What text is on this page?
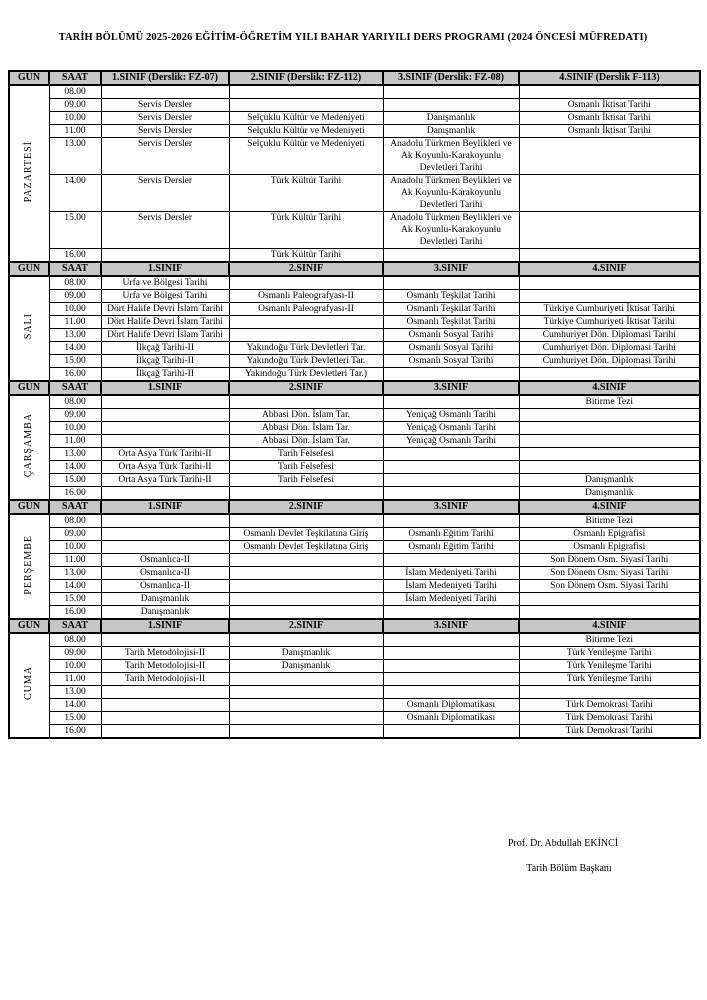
TARİH BÖLÜMÜ 2025-2026 EĞİTİM-ÖĞRETİM YILI BAHAR YARIYILI DERS PROGRAMI (2024 ÖNCESİ MÜFREDATI)
GÜN	SAAT	1.SINIF (Derslik: FZ-07)	2.SINIF (Derslik: FZ-112)	3.SINIF (Derslik: FZ-08)	4.SINIF (Derslik F-113)
PAZARTESİ	08.00				
	09.00	Servis Dersler			Osmanlı İktisat Tarihi
	10.00	Servis Dersler	Selçuklu Kültür ve Medeniyeti	Danışmanlık	Osmanlı İktisat Tarihi
	11.00	Servis Dersler	Selçuklu Kültür ve Medeniyeti	Danışmanlık	Osmanlı İktisat Tarihi
	13.00	Servis Dersler	Selçuklu Kültür ve Medeniyeti	Anadolu Türkmen Beylikleri ve Ak Koyunlu-Karakoyunlu Devletleri Tarihi	
	14.00	Servis Dersler	Türk Kültür Tarihi	Anadolu Türkmen Beylikleri ve Ak Koyunlu-Karakoyunlu Devletleri Tarihi	
	15.00	Servis Dersler	Türk Kültür Tarihi	Anadolu Türkmen Beylikleri ve Ak Koyunlu-Karakoyunlu Devletleri Tarihi	
	16.00		Türk Kültür Tarihi		
GÜN	SAAT	1.SINIF	2.SINIF	3.SINIF	4.SINIF
SALI	08.00	Urfa ve Bölgesi Tarihi			
	09.00	Urfa ve Bölgesi Tarihi	Osmanlı Paleografyası-II	Osmanlı Teşkilat Tarihi	
	10.00	Dört Halife Devri İslam Tarihi	Osmanlı Paleografyası-II	Osmanlı Teşkilat Tarihi	Türkiye Cumhuriyeti İktisat Tarihi
	11.00	Dört Halife Devri İslam Tarihi		Osmanlı Teşkilat Tarihi	Türkiye Cumhuriyeti İktisat Tarihi
	13.00	Dört Halife Devri İslam Tarihi		Osmanlı Sosyal Tarihi	Cumhuriyet Dön. Diplomasi Tarihi
	14.00	İlkçağ Tarihi-II	Yakındoğu Türk Devletleri Tar.	Osmanlı Sosyal Tarihi	Cumhuriyet Dön. Diplomasi Tarihi
	15.00	İlkçağ Tarihi-II	Yakındoğu Türk Devletleri Tar.	Osmanlı Sosyal Tarihi	Cumhuriyet Dön. Diplomasi Tarihi
	16.00	İlkçağ Tarihi-II	Yakındoğu Türk Devletleri Tar.)		
GÜN	SAAT	1.SINIF	2.SINIF	3.SINIF	4.SINIF
ÇARŞAMBA	08.00				Bitirme Tezi
	09.00		Abbasi Dön. İslam Tar.	Yeniçağ Osmanlı Tarihi	
	10.00		Abbasi Dön. İslam Tar.	Yeniçağ Osmanlı Tarihi	
	11.00		Abbasi Dön. İslam Tar.	Yeniçağ Osmanlı Tarihi	
	13.00	Orta Asya Türk Tarihi-II	Tarih Felsefesi		
	14.00	Orta Asya Türk Tarihi-II	Tarih Felsefesi		
	15.00	Orta Asya Türk Tarihi-II	Tarih Felsefesi		Danışmanlık
	16.00				Danışmanlık
GÜN	SAAT	1.SINIF	2.SINIF	3.SINIF	4.SINIF
PERŞEMBE	08.00				Bitirme Tezi
	09.00		Osmanlı Devlet Teşkilatına Giriş	Osmanlı Eğitim Tarihi	Osmanlı Epigrafisi
	10.00		Osmanlı Devlet Teşkilatına Giriş	Osmanlı Eğitim Tarihi	Osmanlı Epigrafisi
	11.00	Osmanlıca-II			Son Dönem Osm. Siyasi Tarihi
	13.00	Osmanlıca-II		İslam Medeniyeti Tarihi	Son Dönem Osm. Siyasi Tarihi
	14.00	Osmanlıca-II		İslam Medeniyeti Tarihi	Son Dönem Osm. Siyasi Tarihi
	15.00	Danışmanlık		İslam Medeniyeti Tarihi	
	16.00	Danışmanlık			
GÜN	SAAT	1.SINIF	2.SINIF	3.SINIF	4.SINIF
CUMA	08.00				Bitirme Tezi
	09.00	Tarih Metodolojisi-II	Danışmanlık		Türk Yenileşme Tarihi
	10.00	Tarih Metodolojisi-II	Danışmanlık		Türk Yenileşme Tarihi
	11.00	Tarih Metodolojisi-II			Türk Yenileşme Tarihi
	13.00				
	14.00			Osmanlı Diplomatikası	Türk Demokrasi Tarihi
	15.00			Osmanlı Diplomatikası	Türk Demokrasi Tarihi
	16.00				Türk Demokrasi Tarihi
Prof. Dr. Abdullah EKİNCİ
Tarih Bölüm Başkanı
